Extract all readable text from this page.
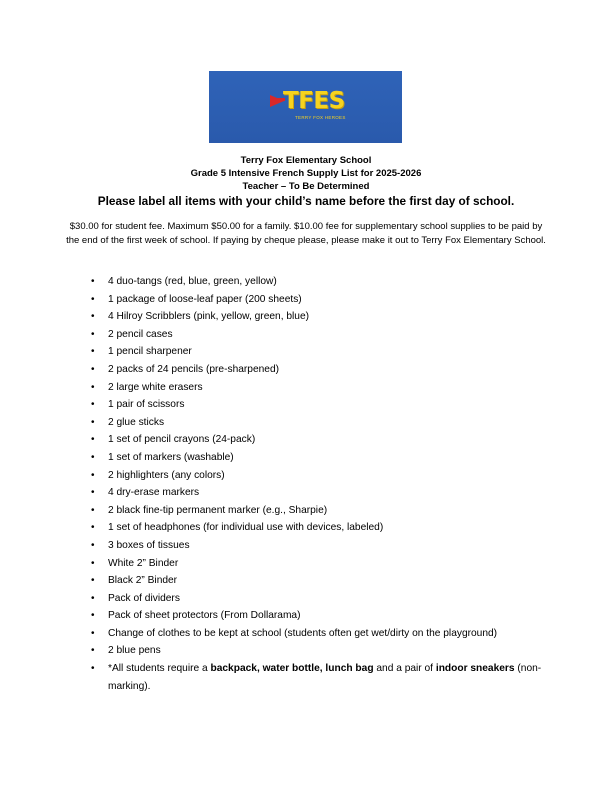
TFES
TERRY FOX HEROES
Terry Fox Elementary School
Grade 5 Intensive French Supply List for 2025-2026
Teacher – To Be Determined
Please label all items with your child’s name before the first day of school.
$30.00 for student fee. Maximum $50.00 for a family. $10.00 fee for supplementary school supplies to be paid by the end of the first week of school. If paying by cheque please, please make it out to Terry Fox Elementary School.
• 4 duo-tangs (red, blue, green, yellow)
• 1 package of loose-leaf paper (200 sheets)
• 4 Hilroy Scribblers (pink, yellow, green, blue)
• 2 pencil cases
• 1 pencil sharpener
• 2 packs of 24 pencils (pre-sharpened)
• 2 large white erasers
• 1 pair of scissors
• 2 glue sticks
• 1 set of pencil crayons (24-pack)
• 1 set of markers (washable)
• 2 highlighters (any colors)
• 4 dry-erase markers
• 2 black fine-tip permanent marker (e.g., Sharpie)
• 1 set of headphones (for individual use with devices, labeled)
• 3 boxes of tissues
• White 2” Binder
• Black 2” Binder
• Pack of dividers
• Pack of sheet protectors (From Dollarama)
• Change of clothes to be kept at school (students often get wet/dirty on the playground)
• 2 blue pens
• *All students require a backpack, water bottle, lunch bag and a pair of indoor sneakers (non-marking).
